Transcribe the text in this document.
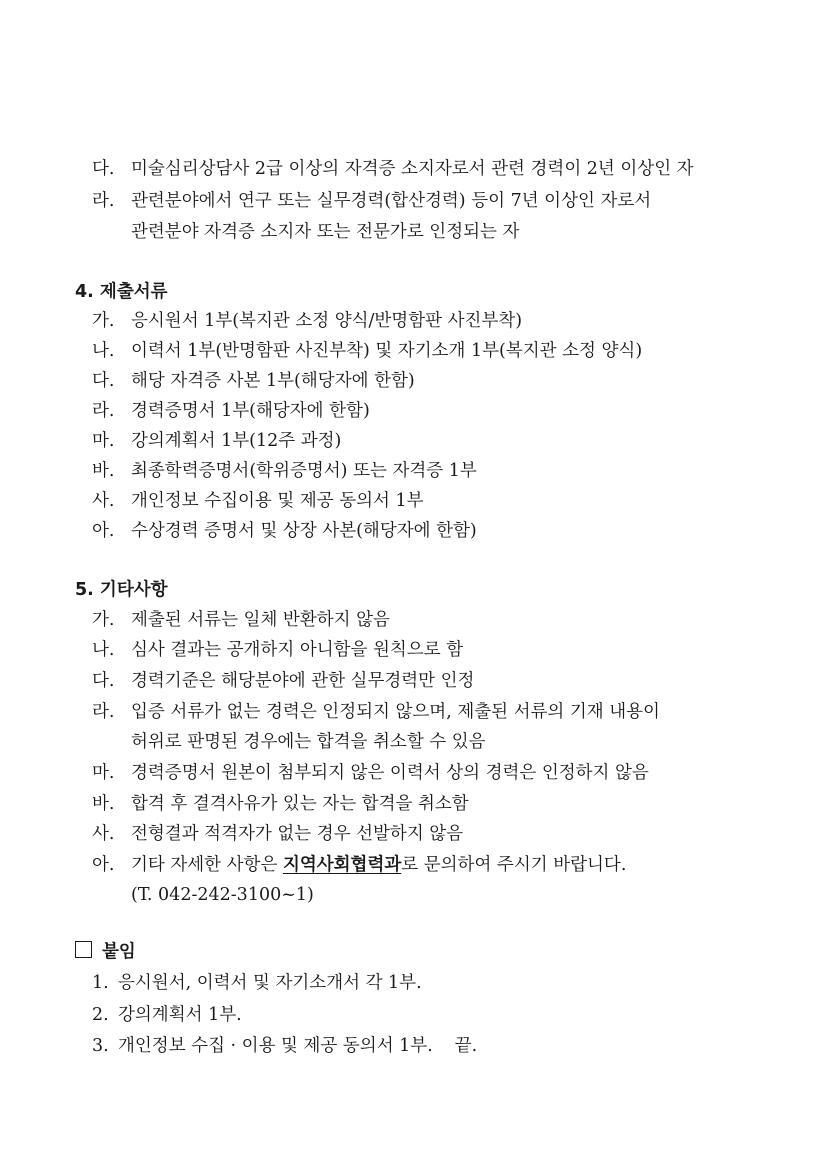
다. 미술심리상담사 2급 이상의 자격증 소지자로서 관련 경력이 2년 이상인 자
라. 관련분야에서 연구 또는 실무경력(합산경력) 등이 7년 이상인 자로서
관련분야 자격증 소지자 또는 전문가로 인정되는 자
4. 제출서류
가. 응시원서 1부(복지관 소정 양식/반명함판 사진부착)
나. 이력서 1부(반명함판 사진부착) 및 자기소개 1부(복지관 소정 양식)
다. 해당 자격증 사본 1부(해당자에 한함)
라. 경력증명서 1부(해당자에 한함)
마. 강의계획서 1부(12주 과정)
바. 최종학력증명서(학위증명서) 또는 자격증 1부
사. 개인정보 수집이용 및 제공 동의서 1부
아. 수상경력 증명서 및 상장 사본(해당자에 한함)
5. 기타사항
가. 제출된 서류는 일체 반환하지 않음
나. 심사 결과는 공개하지 아니함을 원칙으로 함
다. 경력기준은 해당분야에 관한 실무경력만 인정
라. 입증 서류가 없는 경력은 인정되지 않으며, 제출된 서류의 기재 내용이
허위로 판명된 경우에는 합격을 취소할 수 있음
마. 경력증명서 원본이 첨부되지 않은 이력서 상의 경력은 인정하지 않음
바. 합격 후 결격사유가 있는 자는 합격을 취소함
사. 전형결과 적격자가 없는 경우 선발하지 않음
아. 기타 자세한 사항은 지역사회협력과로 문의하여 주시기 바랍니다.
(T. 042-242-3100~1)
붙임
1. 응시원서, 이력서 및 자기소개서 각 1부.
2. 강의계획서 1부.
3. 개인정보 수집 · 이용 및 제공 동의서 1부. 끝.
